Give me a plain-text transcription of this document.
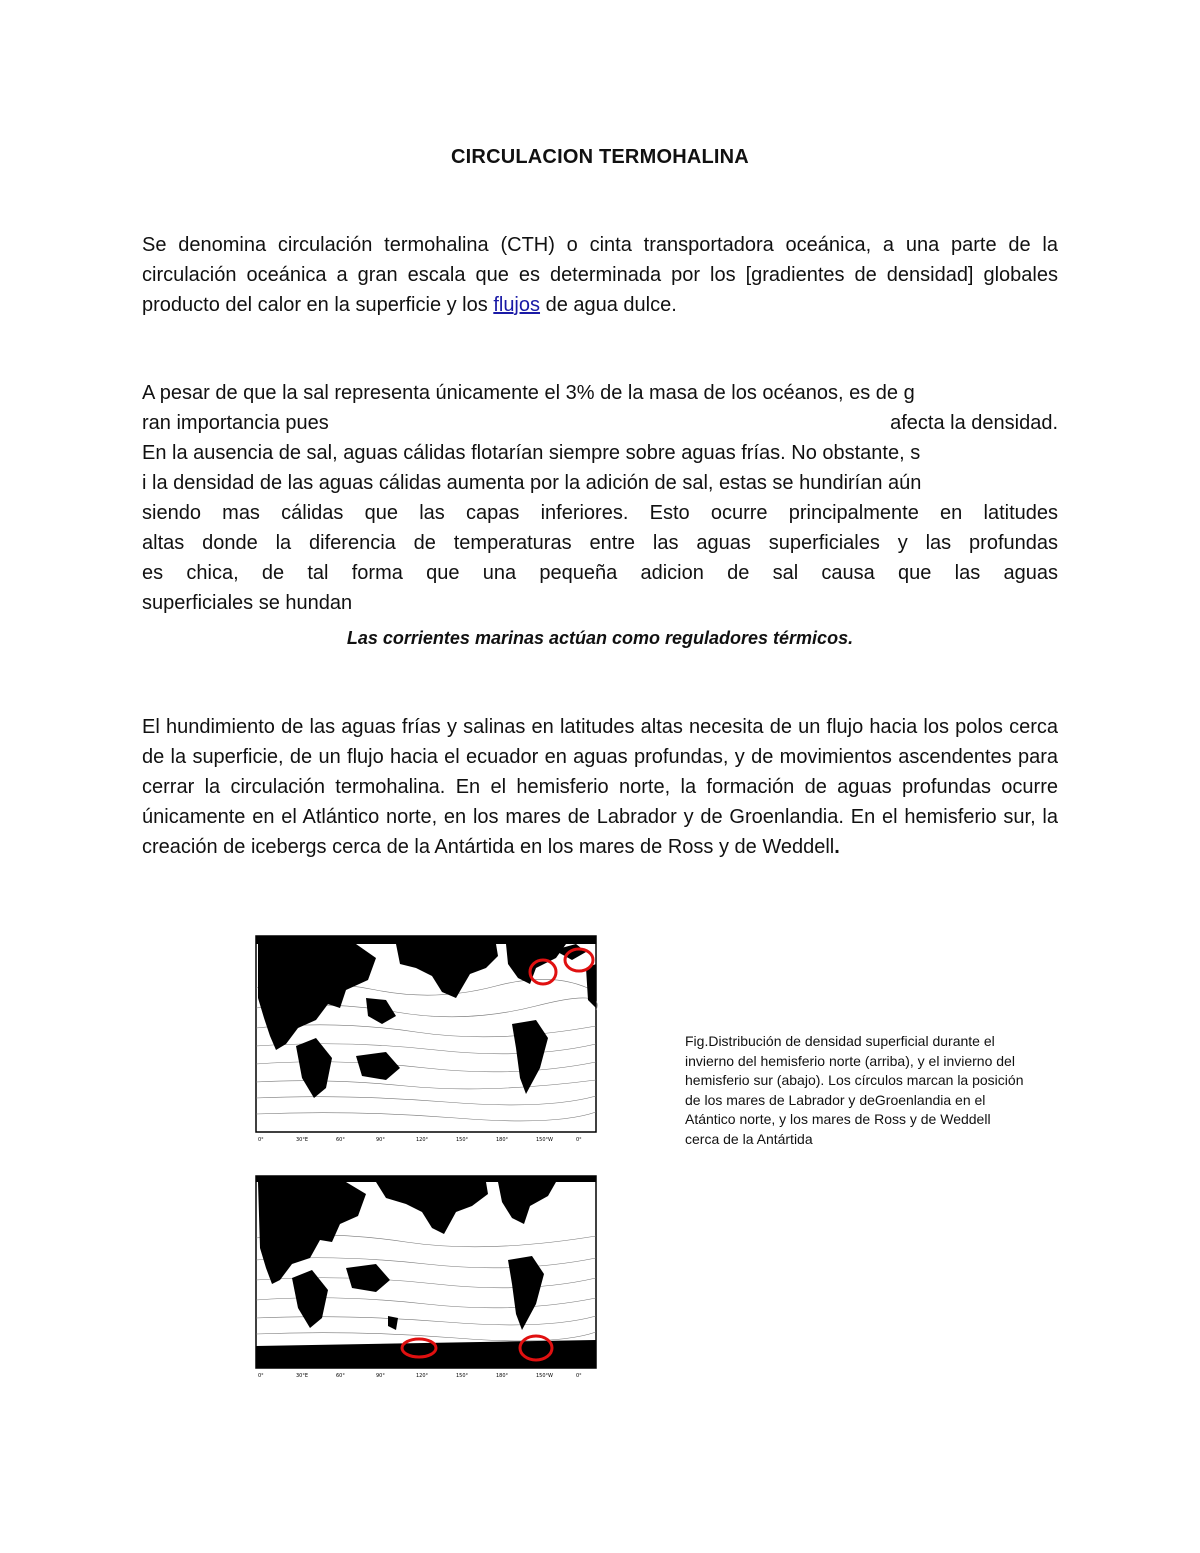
CIRCULACION TERMOHALINA

Se denomina circulación termohalina (CTH) o cinta transportadora oceánica, a una parte de la circulación oceánica a gran escala que es determinada por los [gradientes de densidad] globales producto del calor en la superficie y los flujos de agua dulce.

A pesar de que la sal representa únicamente el 3% de la masa de los océanos, es de g
ran importancia pues	afecta la densidad.
En la ausencia de sal, aguas cálidas flotarían siempre sobre aguas frías. No obstante, s
i la densidad de las aguas cálidas aumenta por la adición de sal, estas se hundirían aún
siendo mas cálidas que las capas inferiores. Esto ocurre principalmente en latitudes
altas donde la diferencia de temperaturas entre las aguas superficiales y las profundas
es chica, de tal forma que una pequeña adicion de sal causa que las aguas
superficiales se hundan
Las corrientes marinas actúan como reguladores térmicos.

El hundimiento de las aguas frías y salinas en latitudes altas necesita de un flujo hacia los polos cerca de la superficie, de un flujo hacia el ecuador en aguas profundas, y de movimientos ascendentes para cerrar la circulación termohalina. En el hemisferio norte, la formación de aguas profundas ocurre únicamente en el Atlántico norte, en los mares de Labrador y de Groenlandia. En el hemisferio sur, la creación de icebergs cerca de la Antártida en los mares de Ross y de Weddell.

0°	30°E	60°	90°	120°	150°	180°	150°W	0°
0°	30°E	60°	90°	120°	150°	180°	150°W	0°

Fig.Distribución de densidad superficial durante el invierno del hemisferio norte (arriba), y el invierno del hemisferio sur (abajo). Los círculos marcan la posición de los mares de Labrador y deGroenlandia en el Atántico norte, y los mares de Ross y de Weddell cerca de la Antártida
